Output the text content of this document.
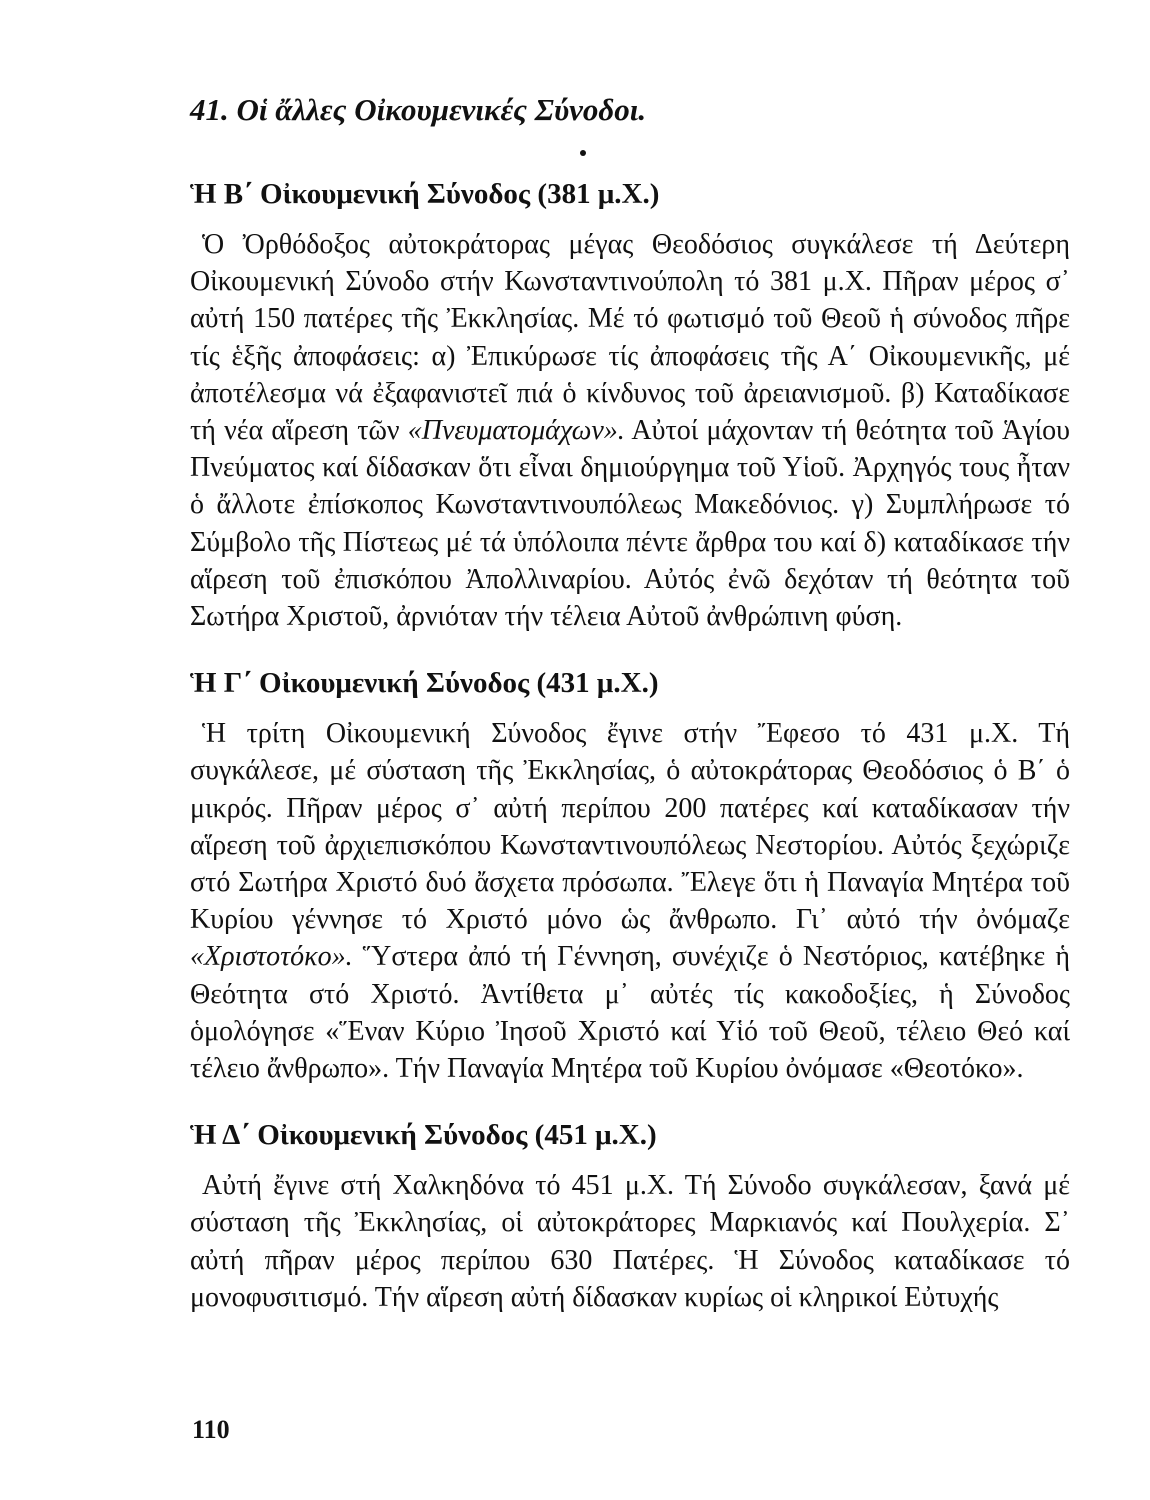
41. Οἱ ἄλλες Οἰκουμενικές Σύνοδοι.
Ἡ Β΄ Οἰκουμενική Σύνοδος (381 μ.Χ.)

Ὁ Ὀρθόδοξος αὐτοκράτορας μέγας Θεοδόσιος συγκάλεσε τή Δεύτερη Οἰκουμενική Σύνοδο στήν Κωνσταντινούπολη τό 381 μ.Χ. Πῆραν μέρος σ᾽ αὐτή 150 πατέρες τῆς Ἐκκλησίας. Μέ τό φωτισμό τοῦ Θεοῦ ἡ σύνοδος πῆρε τίς ἑξῆς ἀποφάσεις: α) Ἐπικύρωσε τίς ἀποφάσεις τῆς Α΄ Οἰκουμενικῆς, μέ ἀποτέλεσμα νά ἐξαφανιστεῖ πιά ὁ κίνδυνος τοῦ ἀρειανισμοῦ. β) Καταδίκασε τή νέα αἵρεση τῶν «Πνευματομάχων». Αὐτοί μάχονταν τή θεότητα τοῦ Ἁγίου Πνεύματος καί δίδασκαν ὅτι εἶναι δημιούργημα τοῦ Υἱοῦ. Ἀρχηγός τους ἦταν ὁ ἄλλοτε ἐπίσκοπος Κωνσταντινουπόλεως Μακεδόνιος. γ) Συμπλήρωσε τό Σύμβολο τῆς Πίστεως μέ τά ὑπόλοιπα πέντε ἄρθρα του καί δ) καταδίκασε τήν αἵρεση τοῦ ἐπισκόπου Ἀπολλιναρίου. Αὐτός ἐνῶ δεχόταν τή θεότητα τοῦ Σωτήρα Χριστοῦ, ἀρνιόταν τήν τέλεια Αὐτοῦ ἀνθρώπινη φύση.

Ἡ Γ΄ Οἰκουμενική Σύνοδος (431 μ.Χ.)

Ἡ τρίτη Οἰκουμενική Σύνοδος ἔγινε στήν Ἔφεσο τό 431 μ.Χ. Τή συγκάλεσε, μέ σύσταση τῆς Ἐκκλησίας, ὁ αὐτοκράτορας Θεοδόσιος ὁ Β΄ ὁ μικρός. Πῆραν μέρος σ᾽ αὐτή περίπου 200 πατέρες καί καταδίκασαν τήν αἵρεση τοῦ ἀρχιεπισκόπου Κωνσταντινουπόλεως Νεστορίου. Αὐτός ξεχώριζε στό Σωτήρα Χριστό δυό ἄσχετα πρόσωπα. Ἔλεγε ὅτι ἡ Παναγία Μητέρα τοῦ Κυρίου γέννησε τό Χριστό μόνο ὡς ἄνθρωπο. Γι᾽ αὐτό τήν ὀνόμαζε «Χριστοτόκο». Ὕστερα ἀπό τή Γέννηση, συνέχιζε ὁ Νεστόριος, κατέβηκε ἡ Θεότητα στό Χριστό. Ἀντίθετα μ᾽ αὐτές τίς κακοδοξίες, ἡ Σύνοδος ὁμολόγησε «Ἕναν Κύριο Ἰησοῦ Χριστό καί Υἱό τοῦ Θεοῦ, τέλειο Θεό καί τέλειο ἄνθρωπο». Τήν Παναγία Μητέρα τοῦ Κυρίου ὀνόμασε «Θεοτόκο».

Ἡ Δ΄ Οἰκουμενική Σύνοδος (451 μ.Χ.)

Αὐτή ἔγινε στή Χαλκηδόνα τό 451 μ.Χ. Τή Σύνοδο συγκάλεσαν, ξανά μέ σύσταση τῆς Ἐκκλησίας, οἱ αὐτοκράτορες Μαρκιανός καί Πουλχερία. Σ᾽ αὐτή πῆραν μέρος περίπου 630 Πατέρες. Ἡ Σύνοδος καταδίκασε τό μονοφυσιτισμό. Τήν αἵρεση αὐτή δίδασκαν κυρίως οἱ κληρικοί Εὐτυχής

110
